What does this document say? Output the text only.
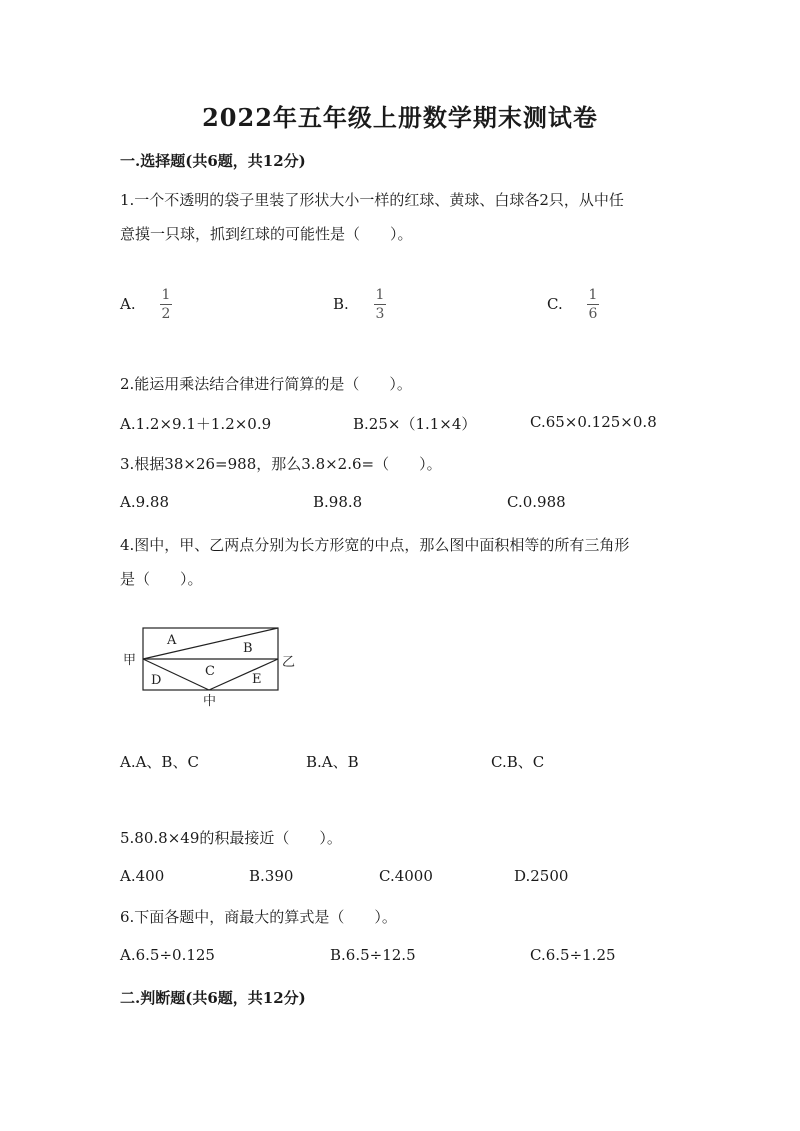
2022年五年级上册数学期末测试卷
一.选择题(共6题，共12分)
1.一个不透明的袋子里装了形状大小一样的红球、黄球、白球各2只，从中任
意摸一只球，抓到红球的可能性是（　　）。
A. 1
2
B. 1
3
C. 1
6
2.能运用乘法结合律进行简算的是（　　）。
A.1.2×9.1＋1.2×0.9	B.25×（1.1×4）	C.65×0.125×0.8
3.根据38×26=988，那么3.8×2.6=（　　）。
A.9.88	B.98.8	C.0.988
4.图中，甲、乙两点分别为长方形宽的中点，那么图中面积相等的所有三角形
是（　　）。
甲	乙
中
A
B
C
D	E
A.A、B、C	B.A、B	C.B、C
5.80.8×49的积最接近（　　）。
A.400	B.390	C.4000	D.2500
6.下面各题中，商最大的算式是（　　）。
A.6.5÷0.125	B.6.5÷12.5	C.6.5÷1.25
二.判断题(共6题，共12分)
